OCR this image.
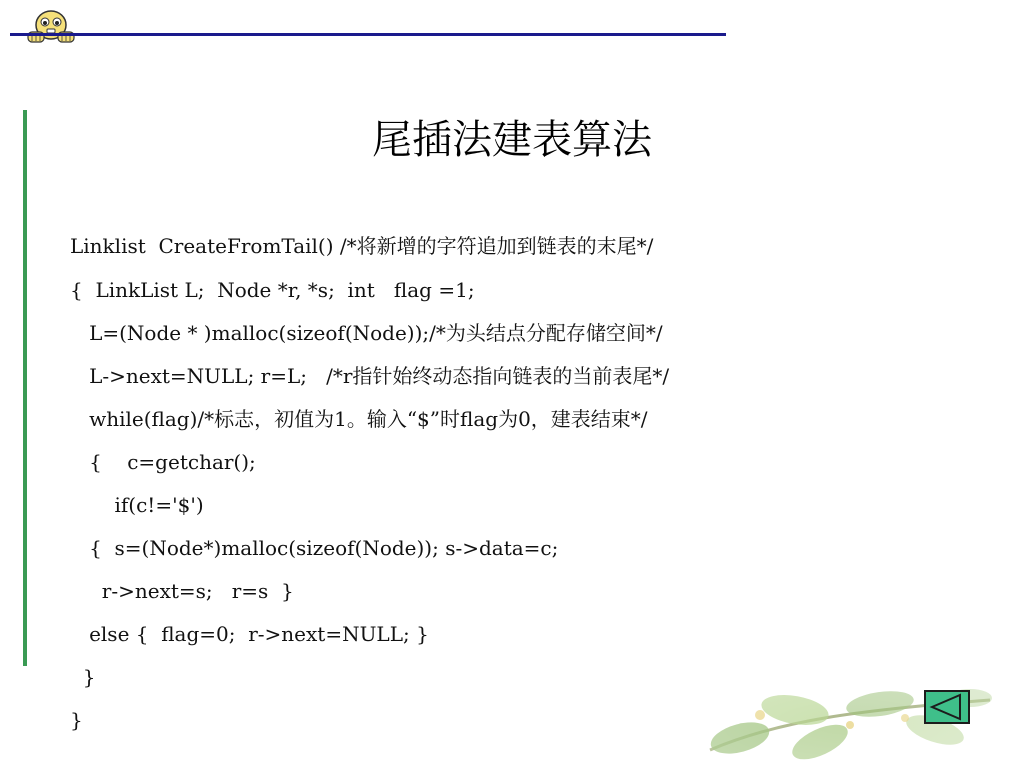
尾插法建表算法
Linklist  CreateFromTail() /*将新增的字符追加到链表的末尾*/
{  LinkList L;  Node *r, *s;  int   flag =1;
L=(Node * )malloc(sizeof(Node));/*为头结点分配存储空间*/
L->next=NULL; r=L;   /*r指针始终动态指向链表的当前表尾*/
while(flag)/*标志，初值为1。输入“$”时flag为0，建表结束*/
{    c=getchar();
if(c!='$')
{  s=(Node*)malloc(sizeof(Node)); s->data=c;
r->next=s;   r=s  }
else {  flag=0;  r->next=NULL; }
}
}
